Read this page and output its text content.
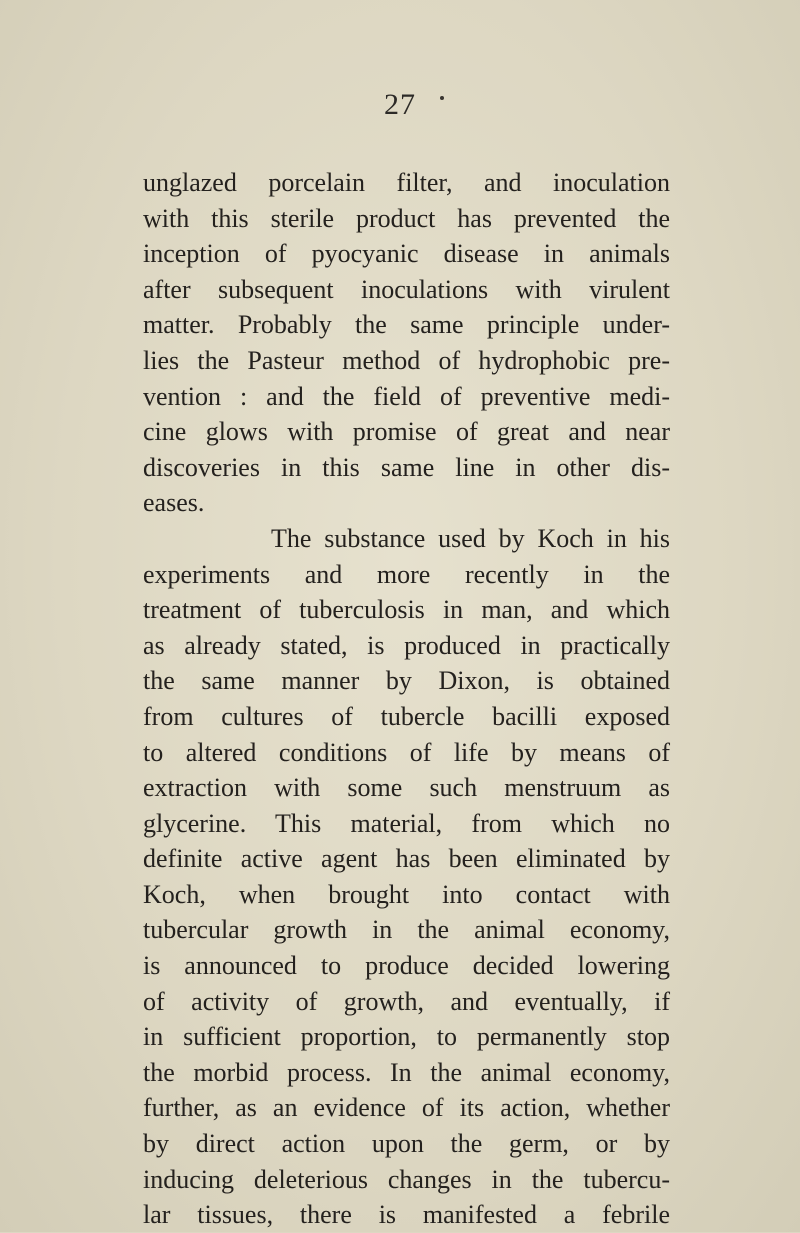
27
unglazed porcelain filter, and inoculation
with this sterile product has prevented the
inception of pyocyanic disease in animals
after subsequent inoculations with virulent
matter. Probably the same principle under-
lies the Pasteur method of hydrophobic pre-
vention : and the field of preventive medi-
cine glows with promise of great and near
discoveries in this same line in other dis-
eases.
The substance used by Koch in his
experiments and more recently in the
treatment of tuberculosis in man, and which
as already stated, is produced in practically
the same manner by Dixon, is obtained
from cultures of tubercle bacilli exposed
to altered conditions of life by means of
extraction with some such menstruum as
glycerine. This material, from which no
definite active agent has been eliminated by
Koch, when brought into contact with
tubercular growth in the animal economy,
is announced to produce decided lowering
of activity of growth, and eventually, if
in sufficient proportion, to permanently stop
the morbid process. In the animal economy,
further, as an evidence of its action, whether
by direct action upon the germ, or by
inducing deleterious changes in the tubercu-
lar tissues, there is manifested a febrile
